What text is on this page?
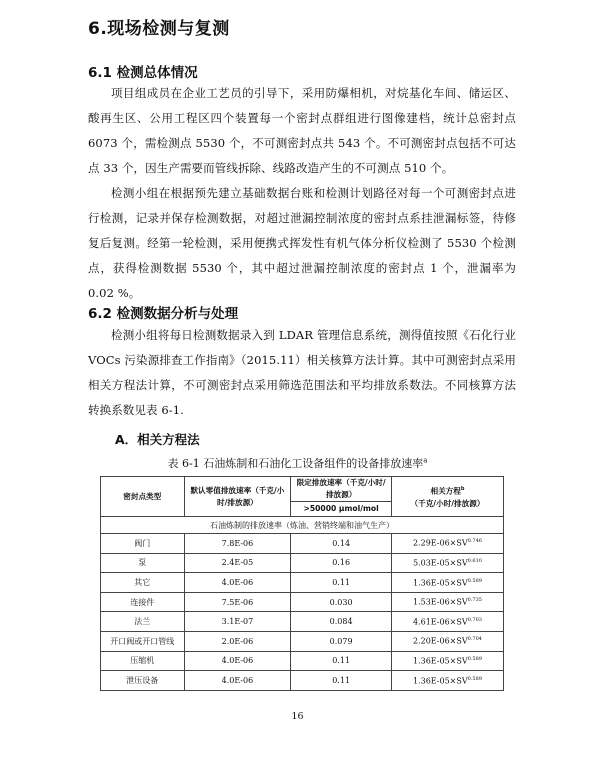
6.现场检测与复测
6.1 检测总体情况

项目组成员在企业工艺员的引导下，采用防爆相机，对烷基化车间、储运区、酸再生区、公用工程区四个装置每一个密封点群组进行图像建档，统计总密封点6073 个，需检测点 5530 个，不可测密封点共 543 个。不可测密封点包括不可达点 33 个，因生产需要而管线拆除、线路改造产生的不可测点 510 个。

检测小组在根据预先建立基础数据台账和检测计划路径对每一个可测密封点进行检测，记录并保存检测数据，对超过泄漏控制浓度的密封点系挂泄漏标签，待修复后复测。经第一轮检测，采用便携式挥发性有机气体分析仪检测了 5530 个检测点，获得检测数据 5530 个，其中超过泄漏控制浓度的密封点 1 个，泄漏率为 0.02 %。

6.2 检测数据分析与处理

检测小组将每日检测数据录入到 LDAR 管理信息系统，测得值按照《石化行业 VOCs 污染源排查工作指南》（2015.11）相关核算方法计算。其中可测密封点采用相关方程法计算，不可测密封点采用筛选范围法和平均排放系数法。不同核算方法转换系数见表 6-1.

A．相关方程法
表 6-1 石油炼制和石油化工设备组件的设备排放速率$^a$
密封点类型	默认零值排放速率（千克/小时/排放源）	限定排放速率（千克/小时/排放源）	相关方程$^b$（千克/小时/排放源）
		>50000 μmol/mol	
石油炼制的排放速率（炼油、营销终端和油气生产）			
阀门	7.8E-06	0.14	$2.29E-06\times SV^{0.746}$
泵	2.4E-05	0.16	$5.03E-05\times SV^{0.610}$
其它	4.0E-06	0.11	$1.36E-05\times SV^{0.589}$
连接件	7.5E-06	0.030	$1.53E-06\times SV^{0.735}$
法兰	3.1E-07	0.084	$4.61E-06\times SV^{0.703}$
开口阀或开口管线	2.0E-06	0.079	$2.20E-06\times SV^{0.704}$
压缩机	4.0E-06	0.11	$1.36E-05\times SV^{0.589}$
泄压设备	4.0E-06	0.11	$1.36E-05\times SV^{0.589}$
16
